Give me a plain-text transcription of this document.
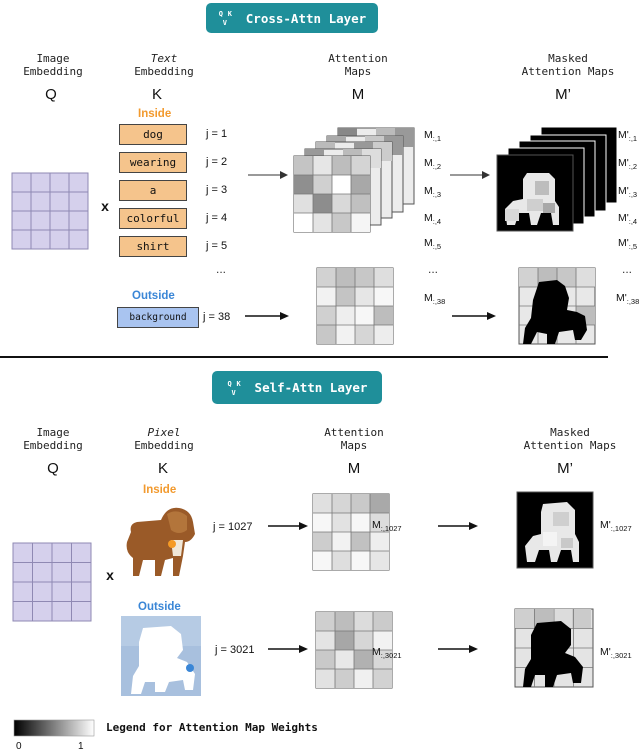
Q K
V Cross-Attn Layer
Image
Embedding
Text
Embedding
Attention
Maps
Masked
Attention Maps
Q	K	M	M’
x
Inside
dog
wearing
a
colorful
shirt
j = 1
j = 2
j = 3
j = 4
j = 5
...
Outside
background	j = 38
$M_{:,1}$
$M_{:,2}$
$M_{:,3}$
$M_{:,4}$
$M_{:,5}$
...
$M_{:,38}$
$M'_{:,1}$
$M'_{:,2}$
$M'_{:,3}$
$M'_{:,4}$
$M'_{:,5}$
...
$M'_{:,38}$
Q K
V Self-Attn Layer
Image
Embedding
Pixel
Embedding
Attention
Maps
Masked
Attention Maps
Q	K	M	M’
x
Inside
j = 1027
Outside
j = 3021
$M_{:,1027}$
$M_{:,3021}$
$M'_{:,1027}$
$M'_{:,3021}$
Legend for Attention Map Weights
0	1
